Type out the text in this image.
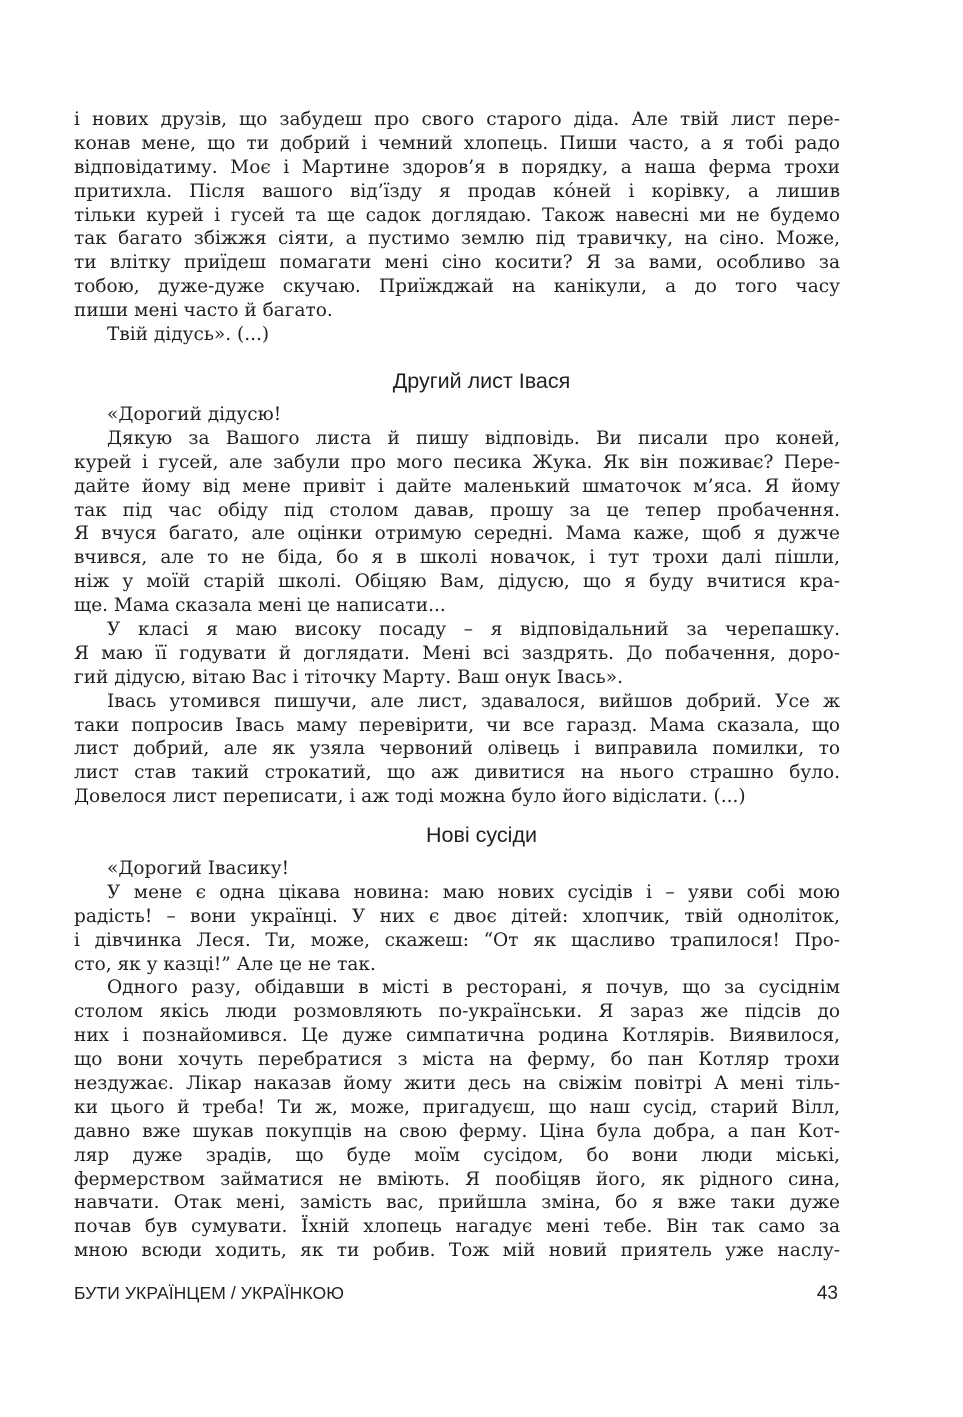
і нових друзів, що забудеш про свого старого діда. Але твій лист пере-
конав мене, що ти добрий і чемний хлопець. Пиши часто, а я тобі радо
відповідатиму. Моє і Мартине здоров’я в порядку, а наша ферма трохи
притихла. Після вашого від’їзду я продав ко́ней і корівку, а лишив
тільки курей і гусей та ще садок доглядаю. Також навесні ми не будемо
так багато збіжжя сіяти, а пустимо землю під травичку, на сіно. Може,
ти влітку приїдеш помагати мені сіно косити? Я за вами, особливо за
тобою, дуже-дуже скучаю. Приїжджай на канікули, а до того часу
пиши мені часто й багато.
Твій дідусь». (...)
Другий лист Івася
«Дорогий дідусю!
Дякую за Вашого листа й пишу відповідь. Ви писали про коней,
курей і гусей, але забули про мого песика Жука. Як він поживає? Пере-
дайте йому від мене привіт і дайте маленький шматочок м’яса. Я йому
так під час обіду під столом давав, прошу за це тепер пробачення.
Я вчуся багато, але оцінки отримую середні. Мама каже, щоб я дужче
вчився, але то не біда, бо я в школі новачок, і тут трохи далі пішли,
ніж у моїй старій школі. Обіцяю Вам, дідусю, що я буду вчитися кра-
ще. Мама сказала мені це написати...
У класі я маю високу посаду – я відповідальний за черепашку.
Я маю її годувати й доглядати. Мені всі заздрять. До побачення, доро-
гий дідусю, вітаю Вас і тіточку Марту. Ваш онук Івась».
Івась утомився пишучи, але лист, здавалося, вийшов добрий. Усе ж
таки попросив Івась маму перевірити, чи все гаразд. Мама сказала, що
лист добрий, але як узяла червоний олівець і виправила помилки, то
лист став такий строкатий, що аж дивитися на нього страшно було.
Довелося лист переписати, і аж тоді можна було його відіслати. (...)
Нові сусіди
«Дорогий Івасику!
У мене є одна цікава новина: маю нових сусідів і – уяви собі мою
радість! – вони українці. У них є двоє дітей: хлопчик, твій одноліток,
і дівчинка Леся. Ти, може, скажеш: “От як щасливо трапилося! Про-
сто, як у казці!” Але це не так.
Одного разу, обідавши в місті в ресторані, я почув, що за сусіднім
столом якісь люди розмовляють по-українськи. Я зараз же підсів до
них і познайомився. Це дуже симпатична родина Котлярів. Виявилося,
що вони хочуть перебратися з міста на ферму, бо пан Котляр трохи
нездужає. Лікар наказав йому жити десь на свіжім повітрі А мені тіль-
ки цього й треба! Ти ж, може, пригадуєш, що наш сусід, старий Вілл,
давно вже шукав покупців на свою ферму. Ціна була добра, а пан Кот-
ляр дуже зрадів, що буде моїм сусідом, бо вони люди міські,
фермерством займатися не вміють. Я пообіцяв його, як рідного сина,
навчати. Отак мені, замість вас, прийшла зміна, бо я вже таки дуже
почав був сумувати. Їхній хлопець нагадує мені тебе. Він так само за
мною всюди ходить, як ти робив. Тож мій новий приятель уже наслу-
БУТИ УКРАЇНЦЕМ / УКРАЇНКОЮ	43
